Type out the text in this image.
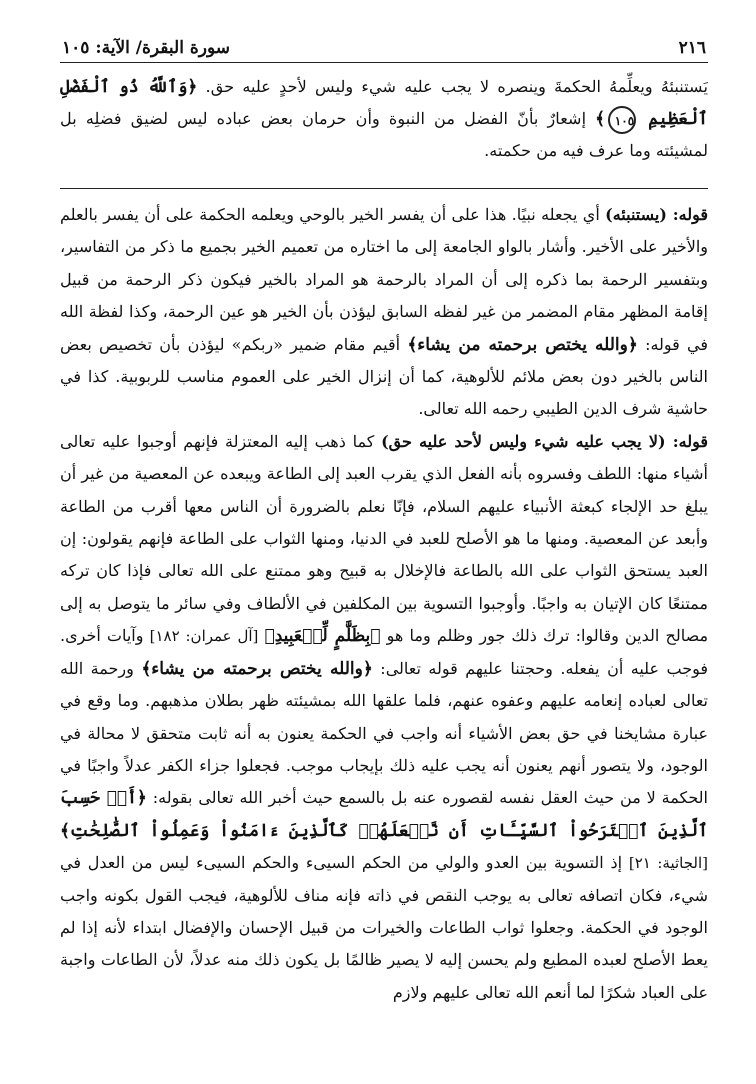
٢١٦
سورة البقرة/ الآية: ١٠٥
يَستنبئهُ ويعلِّمهُ الحكمةَ وينصره لا يجب عليه شيء وليس لأحدٍ عليه حق. ﴿وَٱللَّهُ ذُو ٱلْفَضْلِ ٱلْعَظِيمِ ١٠٥﴾ إشعارٌ بأنّ الفضل من النبوة وأن حرمان بعض عباده ليس لضيق فضلِه بل لمشيئته وما عرف فيه من حكمته.

قوله: (يستنبئه) أي يجعله نبيًا. هذا على أن يفسر الخير بالوحي ويعلمه الحكمة على أن يفسر بالعلم والأخير على الأخير. وأشار بالواو الجامعة إلى ما اختاره من تعميم الخير بجميع ما ذكر من التفاسير، وبتفسير الرحمة بما ذكره إلى أن المراد بالرحمة هو المراد بالخير فيكون ذكر الرحمة من قبيل إقامة المظهر مقام المضمر من غير لفظه السابق ليؤذن بأن الخير هو عين الرحمة، وكذا لفظة الله في قوله: ﴿والله يختص برحمته من يشاء﴾ أقيم مقام ضمير «ربكم» ليؤذن بأن تخصيص بعض الناس بالخير دون بعض ملائم للألوهية، كما أن إنزال الخير على العموم مناسب للربوبية. كذا في حاشية شرف الدين الطيبي رحمه الله تعالى.

قوله: (لا يجب عليه شيء وليس لأحد عليه حق) كما ذهب إليه المعتزلة فإنهم أوجبوا عليه تعالى أشياء منها: اللطف وفسروه بأنه الفعل الذي يقرب العبد إلى الطاعة ويبعده عن المعصية من غير أن يبلغ حد الإلجاء كبعثة الأنبياء عليهم السلام، فإنّا نعلم بالضرورة أن الناس معها أقرب من الطاعة وأبعد عن المعصية. ومنها ما هو الأصلح للعبد في الدنيا، ومنها الثواب على الطاعة فإنهم يقولون: إن العبد يستحق الثواب على الله بالطاعة فالإخلال به قبيح وهو ممتنع على الله تعالى فإذا كان تركه ممتنعًا كان الإتيان به واجبًا. وأوجبوا التسوية بين المكلفين في الألطاف وفي سائر ما يتوصل به إلى مصالح الدين وقالوا: ترك ذلك جور وظلم وما هو ﴿بِظَلَّٰمٍ لِّلۡعَبِيدِ﴾ [آل عمران: ١٨٢] وآيات أخرى. فوجب عليه أن يفعله. وحجتنا عليهم قوله تعالى: ﴿والله يختص برحمته من يشاء﴾ ورحمة الله تعالى لعباده إنعامه عليهم وعفوه عنهم، فلما علقها الله بمشيئته ظهر بطلان مذهبهم. وما وقع في عبارة مشايخنا في حق بعض الأشياء أنه واجب في الحكمة يعنون به أنه ثابت متحقق لا محالة في الوجود، ولا يتصور أنهم يعنون أنه يجب عليه ذلك بإيجاب موجب. فجعلوا جزاء الكفر عدلاً واجبًا في الحكمة لا من حيث العقل نفسه لقصوره عنه بل بالسمع حيث أخبر الله تعالى بقوله: ﴿أَمۡ حَسِبَ ٱلَّذِينَ ٱجۡتَرَحُواْ ٱلسَّيِّـَٔاتِ أَن نَّجۡعَلَهُمۡ كَٱلَّذِينَ ءَامَنُواْ وَعَمِلُواْ ٱلصَّٰلِحَٰتِ﴾ [الجاثية: ٢١] إذ التسوية بين العدو والولي من الحكم السيىء والحكم السيىء ليس من العدل في شيء، فكان اتصافه تعالى به يوجب النقص في ذاته فإنه مناف للألوهية، فيجب القول بكونه واجب الوجود في الحكمة. وجعلوا ثواب الطاعات والخيرات من قبيل الإحسان والإفضال ابتداء لأنه إذا لم يعط الأصلح لعبده المطيع ولم يحسن إليه لا يصير ظالمًا بل يكون ذلك منه عدلاً، لأن الطاعات واجبة على العباد شكرًا لما أنعم الله تعالى عليهم ولازم
